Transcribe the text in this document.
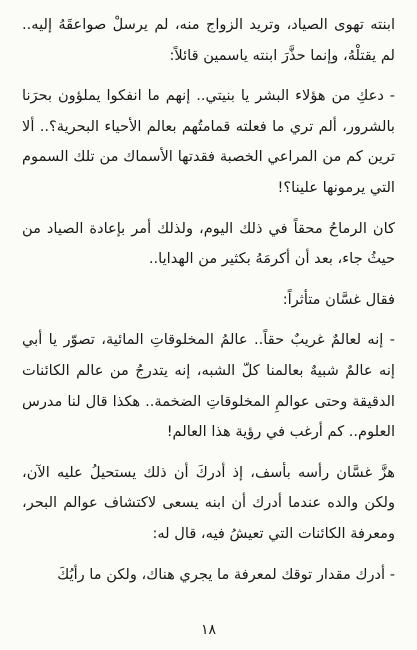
ابنته تهوى الصياد، وتريد الزواج منه، لم يرسلْ صواعقَهُ إليه.. لم يقتلْهُ، وإنما حذَّرَ ابنته ياسمين قائلاً:

- دعكِ من هؤلاء البشر يا بنيتي.. إنهم ما انفكوا يملؤون بحرَنا بالشرور، ألم تري ما فعلته قمامتُهم بعالم الأحياء البحرية؟.. ألا ترين كم من المراعي الخصبة فقدتها الأسماك من تلك السموم التي يرمونها علينا؟!

كان الرماحُ محقاً في ذلك اليوم، ولذلك أمر بإعادة الصياد من حيثُ جاء، بعد أن أكرمَهُ بكثير من الهدايا..

فقال غسَّان متأثراً:

- إنه لعالمٌ غريبٌ حقاً.. عالمُ المخلوقاتِ المائية، تصوّر يا أبي إنه عالمٌ شبيهٌ بعالمنا كلّ الشبه، إنه يتدرجُ من عالم الكائنات الدقيقة وحتى عوالمِ المخلوقاتِ الضخمة.. هكذا قال لنا مدرس العلوم.. كم أرغب في رؤية هذا العالم!

هزَّ غسَّان رأسه بأسف، إذ أدركَ أن ذلك يستحيلُ عليه الآن، ولكن والده عندما أدرك أن ابنه يسعى لاكتشاف عوالم البحر، ومعرفة الكائنات التي تعيشُ فيه، قال له:

- أدرك مقدار توقك لمعرفة ما يجري هناك، ولكن ما رأيُكَ

١٨
